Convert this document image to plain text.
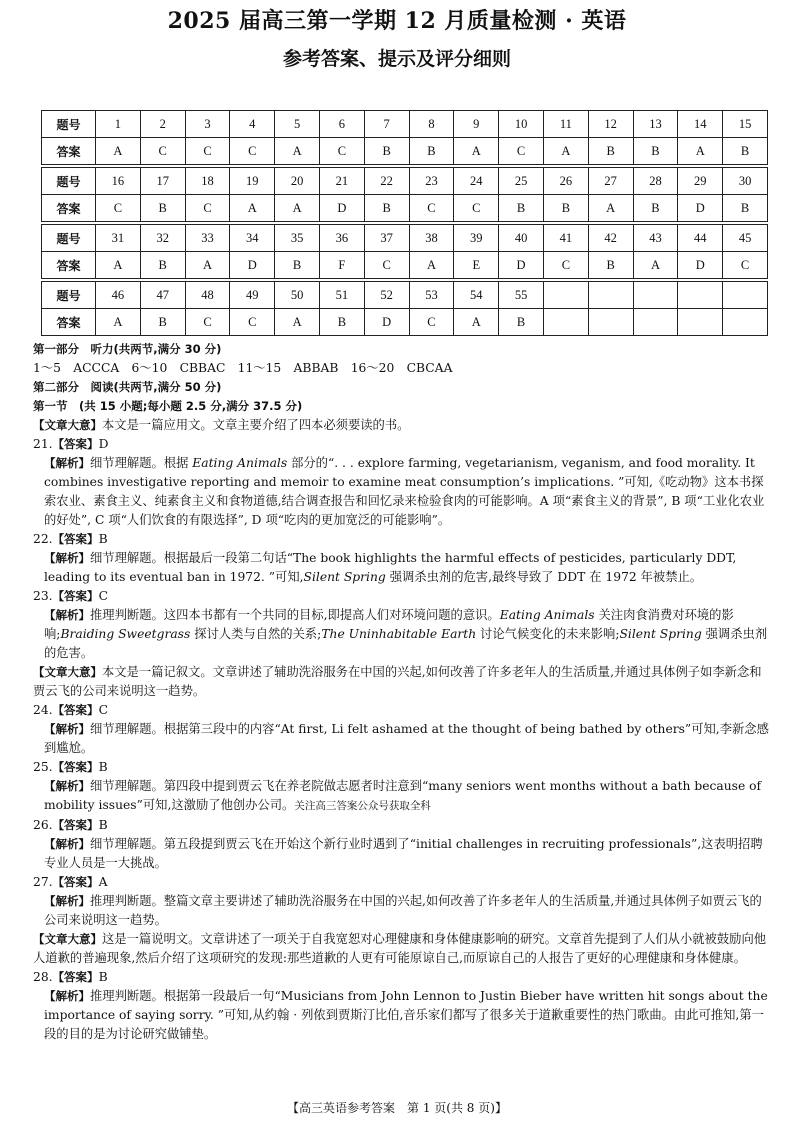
2025 届高三第一学期 12 月质量检测 · 英语
参考答案、提示及评分细则
题号	1	2	3	4	5	6	7	8	9	10	11	12	13	14	15
答案	A	C	C	C	A	C	B	B	A	C	A	B	B	A	B

题号	16	17	18	19	20	21	22	23	24	25	26	27	28	29	30
答案	C	B	C	A	A	D	B	C	C	B	B	A	B	D	B

题号	31	32	33	34	35	36	37	38	39	40	41	42	43	44	45
答案	A	B	A	D	B	F	C	A	E	D	C	B	A	D	C

题号	46	47	48	49	50	51	52	53	54	55					
答案	A	B	C	C	A	B	D	C	A	B					

第一部分　听力(共两节,满分 30 分)

1～5　ACCCA　6～10　CBBAC　11～15　ABBAB　16～20　CBCAA

第二部分　阅读(共两节,满分 50 分)

第一节　(共 15 小题;每小题 2.5 分,满分 37.5 分)

【文章大意】本文是一篇应用文。文章主要介绍了四本必须要读的书。

21.【答案】D

【解析】细节理解题。根据 Eating Animals 部分的“. . . explore farming, vegetarianism, veganism, and food morality. It combines investigative reporting and memoir to examine meat consumption’s implications. ”可知,《吃动物》这本书探索农业、素食主义、纯素食主义和食物道德,结合调查报告和回忆录来检验食肉的可能影响。A 项“素食主义的背景”, B 项“工业化农业的好处”, C 项“人们饮食的有限选择”, D 项“吃肉的更加宽泛的可能影响”。

22.【答案】B

【解析】细节理解题。根据最后一段第二句话“The book highlights the harmful effects of pesticides, particularly DDT, leading to its eventual ban in 1972. ”可知,Silent Spring 强调杀虫剂的危害,最终导致了 DDT 在 1972 年被禁止。

23.【答案】C

【解析】推理判断题。这四本书都有一个共同的目标,即提高人们对环境问题的意识。Eating Animals 关注肉食消费对环境的影响;Braiding Sweetgrass 探讨人类与自然的关系;The Uninhabitable Earth 讨论气候变化的未来影响;Silent Spring 强调杀虫剂的危害。

【文章大意】本文是一篇记叙文。文章讲述了辅助洗浴服务在中国的兴起,如何改善了许多老年人的生活质量,并通过具体例子如李新念和贾云飞的公司来说明这一趋势。

24.【答案】C

【解析】细节理解题。根据第三段中的内容“At first, Li felt ashamed at the thought of being bathed by others”可知,李新念感到尴尬。

25.【答案】B

【解析】细节理解题。第四段中提到贾云飞在养老院做志愿者时注意到“many seniors went months without a bath because of mobility issues”可知,这激励了他创办公司。关注高三答案公众号获取全科

26.【答案】B

【解析】细节理解题。第五段提到贾云飞在开始这个新行业时遇到了“initial challenges in recruiting professionals”,这表明招聘专业人员是一大挑战。

27.【答案】A

【解析】推理判断题。整篇文章主要讲述了辅助洗浴服务在中国的兴起,如何改善了许多老年人的生活质量,并通过具体例子如贾云飞的公司来说明这一趋势。

【文章大意】这是一篇说明文。文章讲述了一项关于自我宽恕对心理健康和身体健康影响的研究。文章首先提到了人们从小就被鼓励向他人道歉的普遍现象,然后介绍了这项研究的发现:那些道歉的人更有可能原谅自己,而原谅自己的人报告了更好的心理健康和身体健康。

28.【答案】B

【解析】推理判断题。根据第一段最后一句“Musicians from John Lennon to Justin Bieber have written hit songs about the importance of saying sorry. ”可知,从约翰 · 列侬到贾斯汀比伯,音乐家们都写了很多关于道歉重要性的热门歌曲。由此可推知,第一段的目的是为讨论研究做铺垫。

【高三英语参考答案　第 1 页(共 8 页)】
